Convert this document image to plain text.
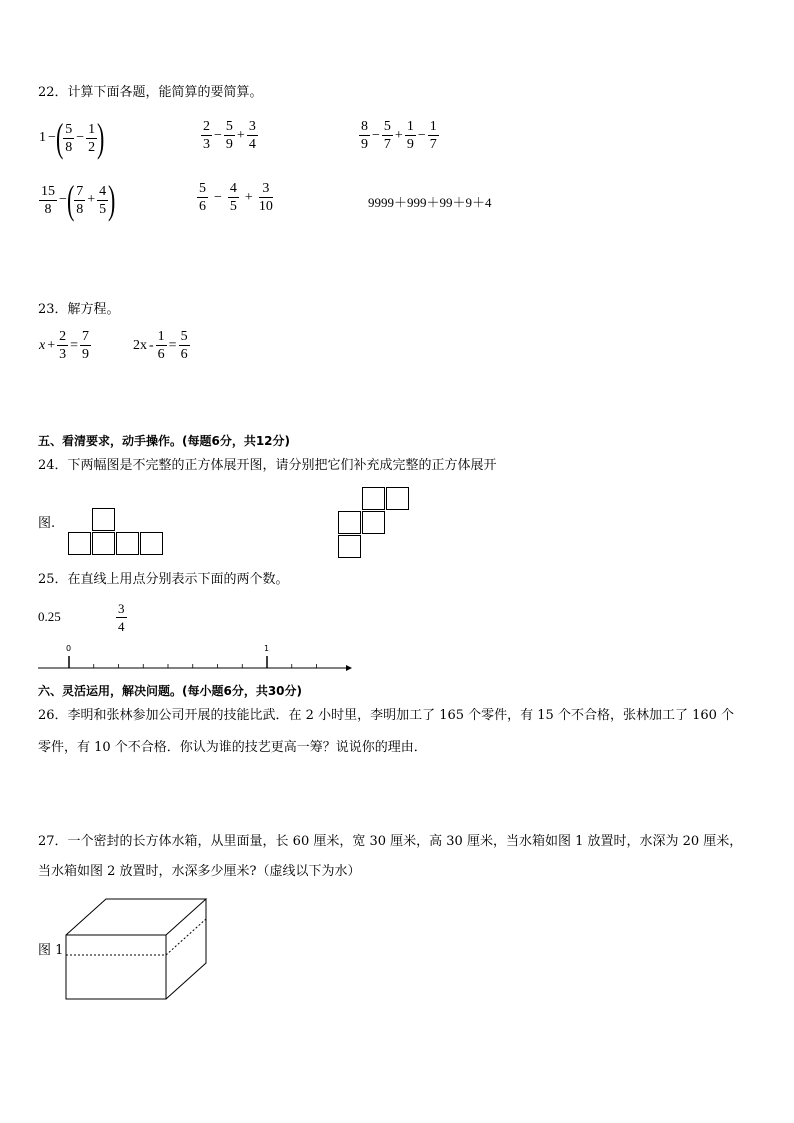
22．计算下面各题，能简算的要简算。
1 −( $\frac{5}{8} - \frac{1}{2}$ )	$\frac{2}{3} - \frac{5}{9} + \frac{3}{4}$	$\frac{8}{9} - \frac{5}{7} + \frac{1}{9} - \frac{1}{7}$
$\frac{15}{8}$ −( $\frac{7}{8} + \frac{4}{5}$ )	$\frac{5}{6} - \frac{4}{5} + \frac{3}{10}$	9999＋999＋99＋9＋4
23．解方程。
$x + \frac{2}{3} = \frac{7}{9}$	$2x - \frac{1}{6} = \frac{5}{6}$
五、看清要求，动手操作。(每题6分，共12分)
24．下两幅图是不完整的正方体展开图，请分别把它们补充成完整的正方体展开
图.
25．在直线上用点分别表示下面的两个数。
0.25	$\frac{3}{4}$
0	1
六、灵活运用，解决问题。(每小题6分，共30分)
26．李明和张林参加公司开展的技能比武．在 2 小时里，李明加工了 165 个零件，有 15 个不合格，张林加工了 160 个
零件，有 10 个不合格．你认为谁的技艺更高一筹？说说你的理由．
27．一个密封的长方体水箱，从里面量，长 60 厘米，宽 30 厘米，高 30 厘米，当水箱如图 1 放置时，水深为 20 厘米，
当水箱如图 2 放置时，水深多少厘米?（虚线以下为水）
图 1
